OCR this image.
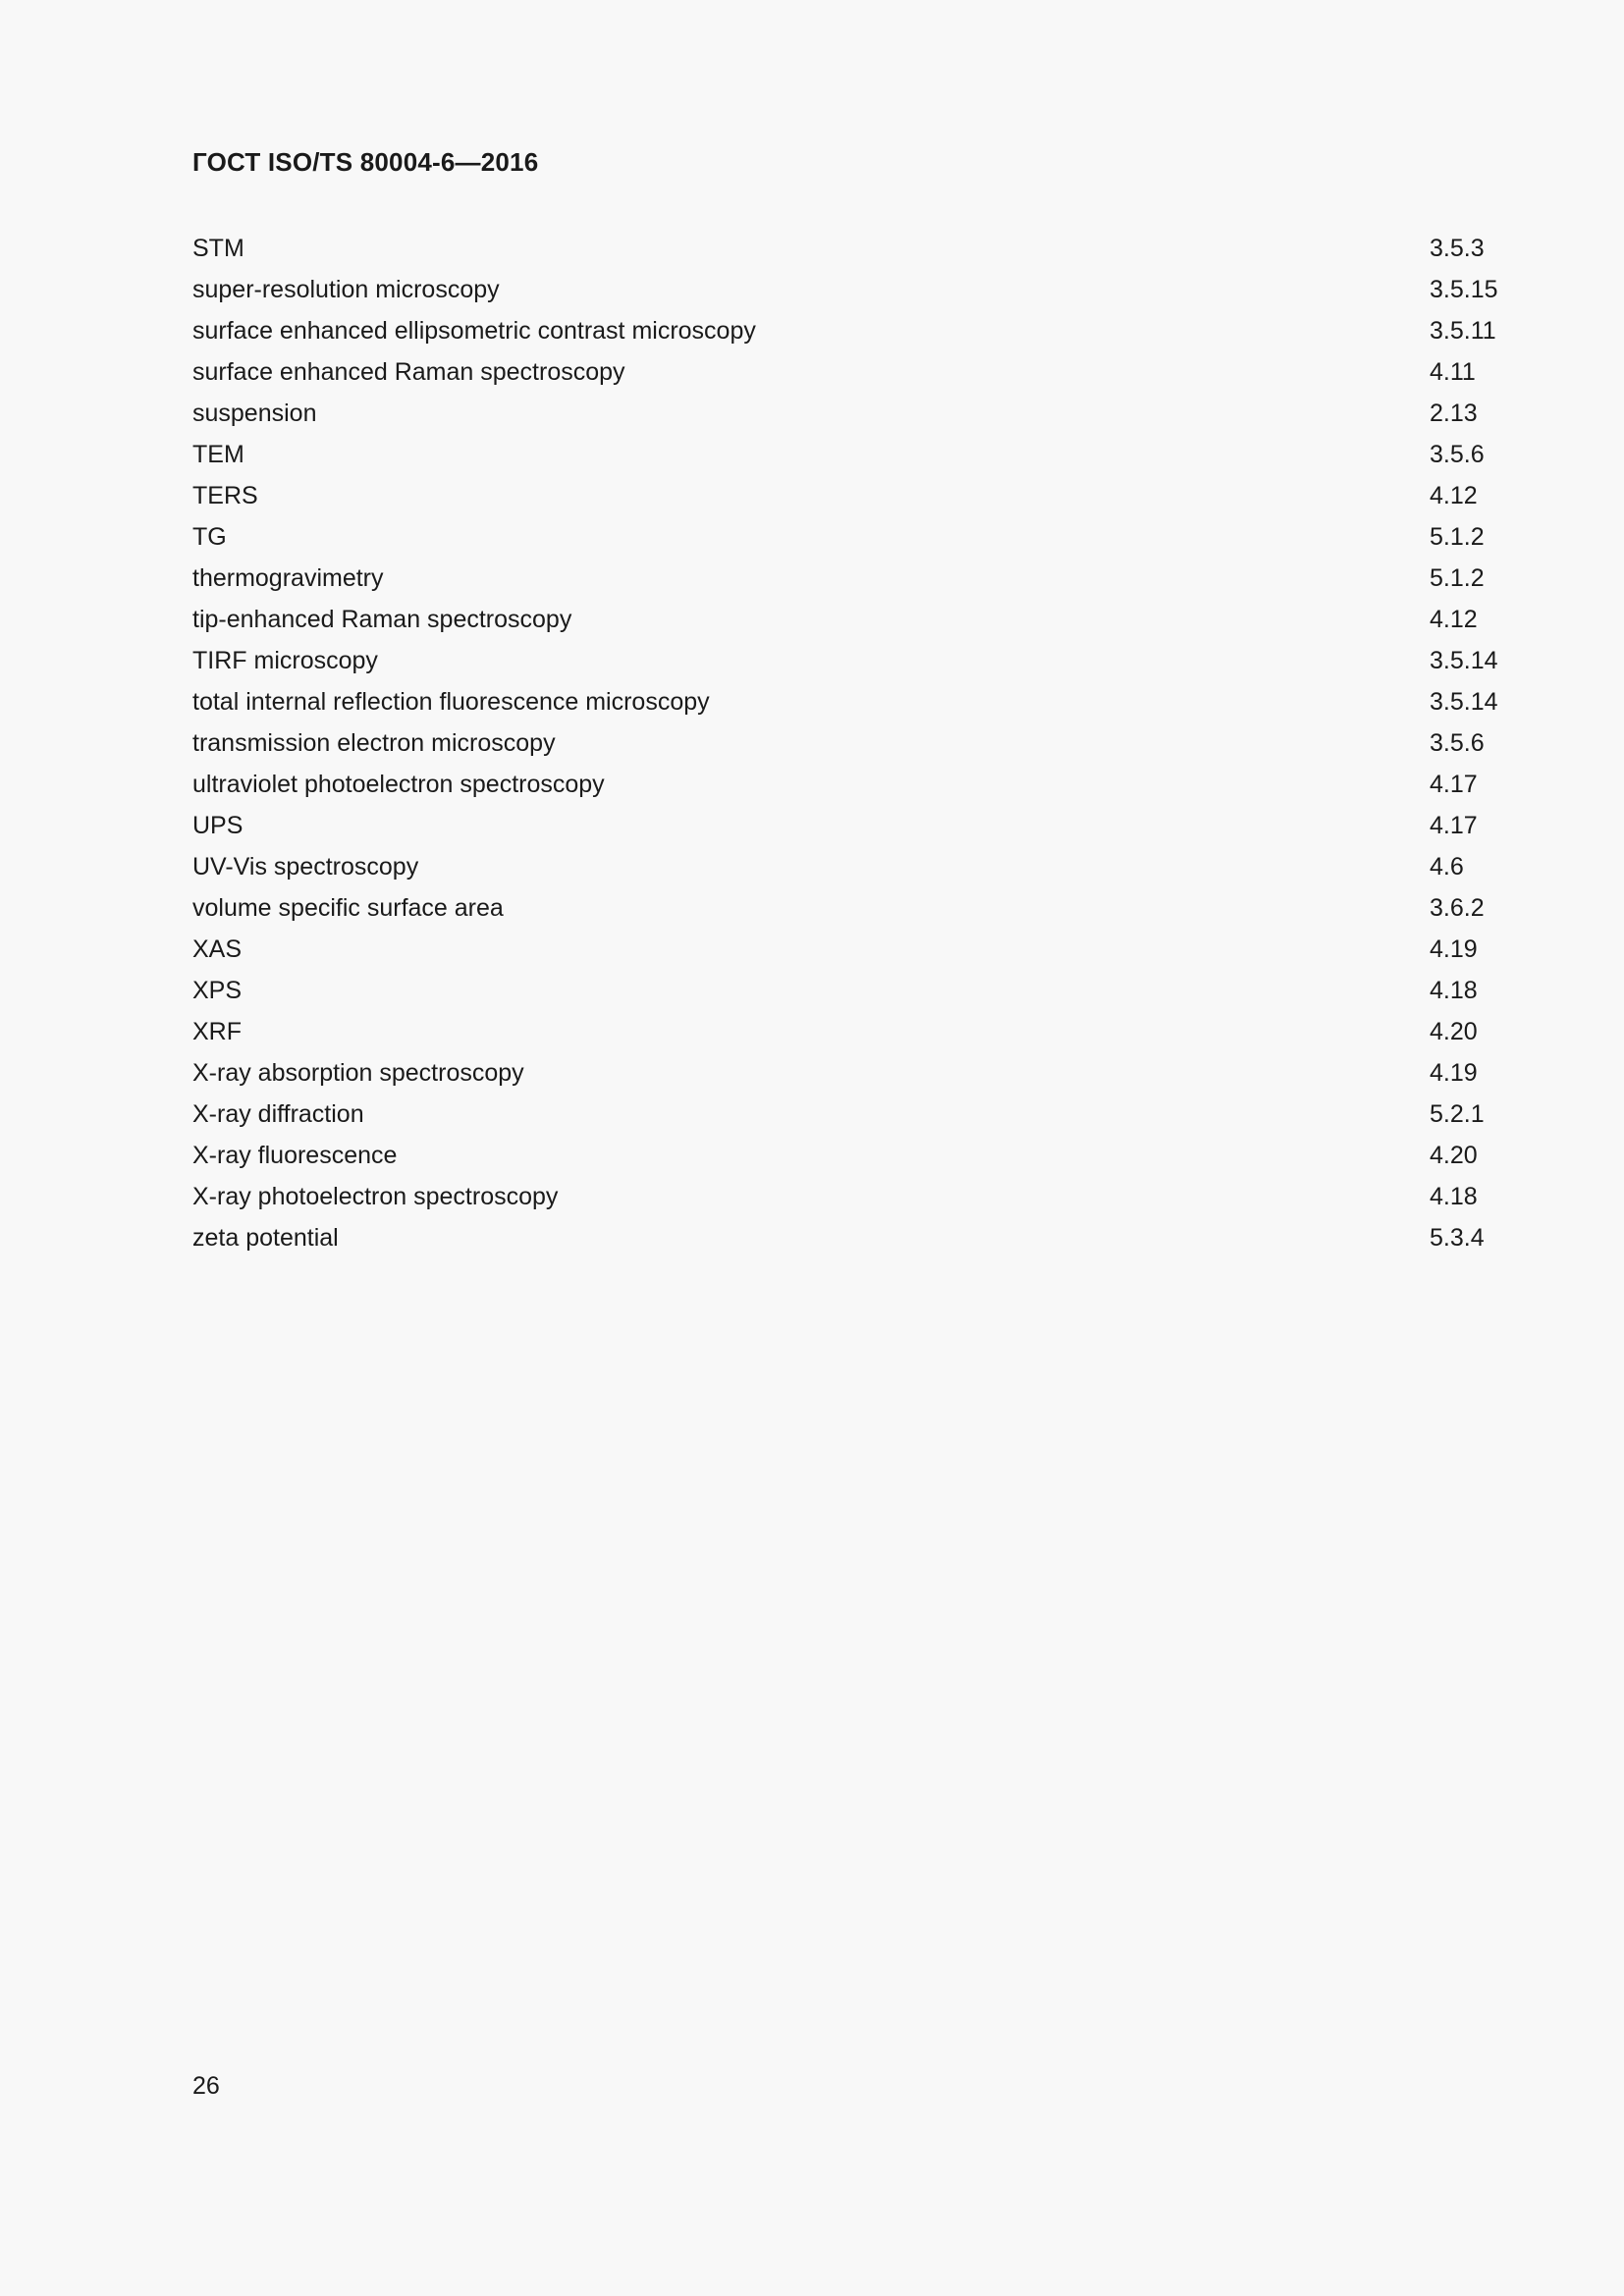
ГОСТ ISO/TS 80004-6—2016
STM	3.5.3
super-resolution microscopy	3.5.15
surface enhanced ellipsometric contrast microscopy	3.5.11
surface enhanced Raman spectroscopy	4.11
suspension	2.13
TEM	3.5.6
TERS	4.12
TG	5.1.2
thermogravimetry	5.1.2
tip-enhanced Raman spectroscopy	4.12
TIRF microscopy	3.5.14
total internal reflection fluorescence microscopy	3.5.14
transmission electron microscopy	3.5.6
ultraviolet photoelectron spectroscopy	4.17
UPS	4.17
UV-Vis spectroscopy	4.6
volume specific surface area	3.6.2
XAS	4.19
XPS	4.18
XRF	4.20
X-ray absorption spectroscopy	4.19
X-ray diffraction	5.2.1
X-ray fluorescence	4.20
X-ray photoelectron spectroscopy	4.18
zeta potential	5.3.4
26
